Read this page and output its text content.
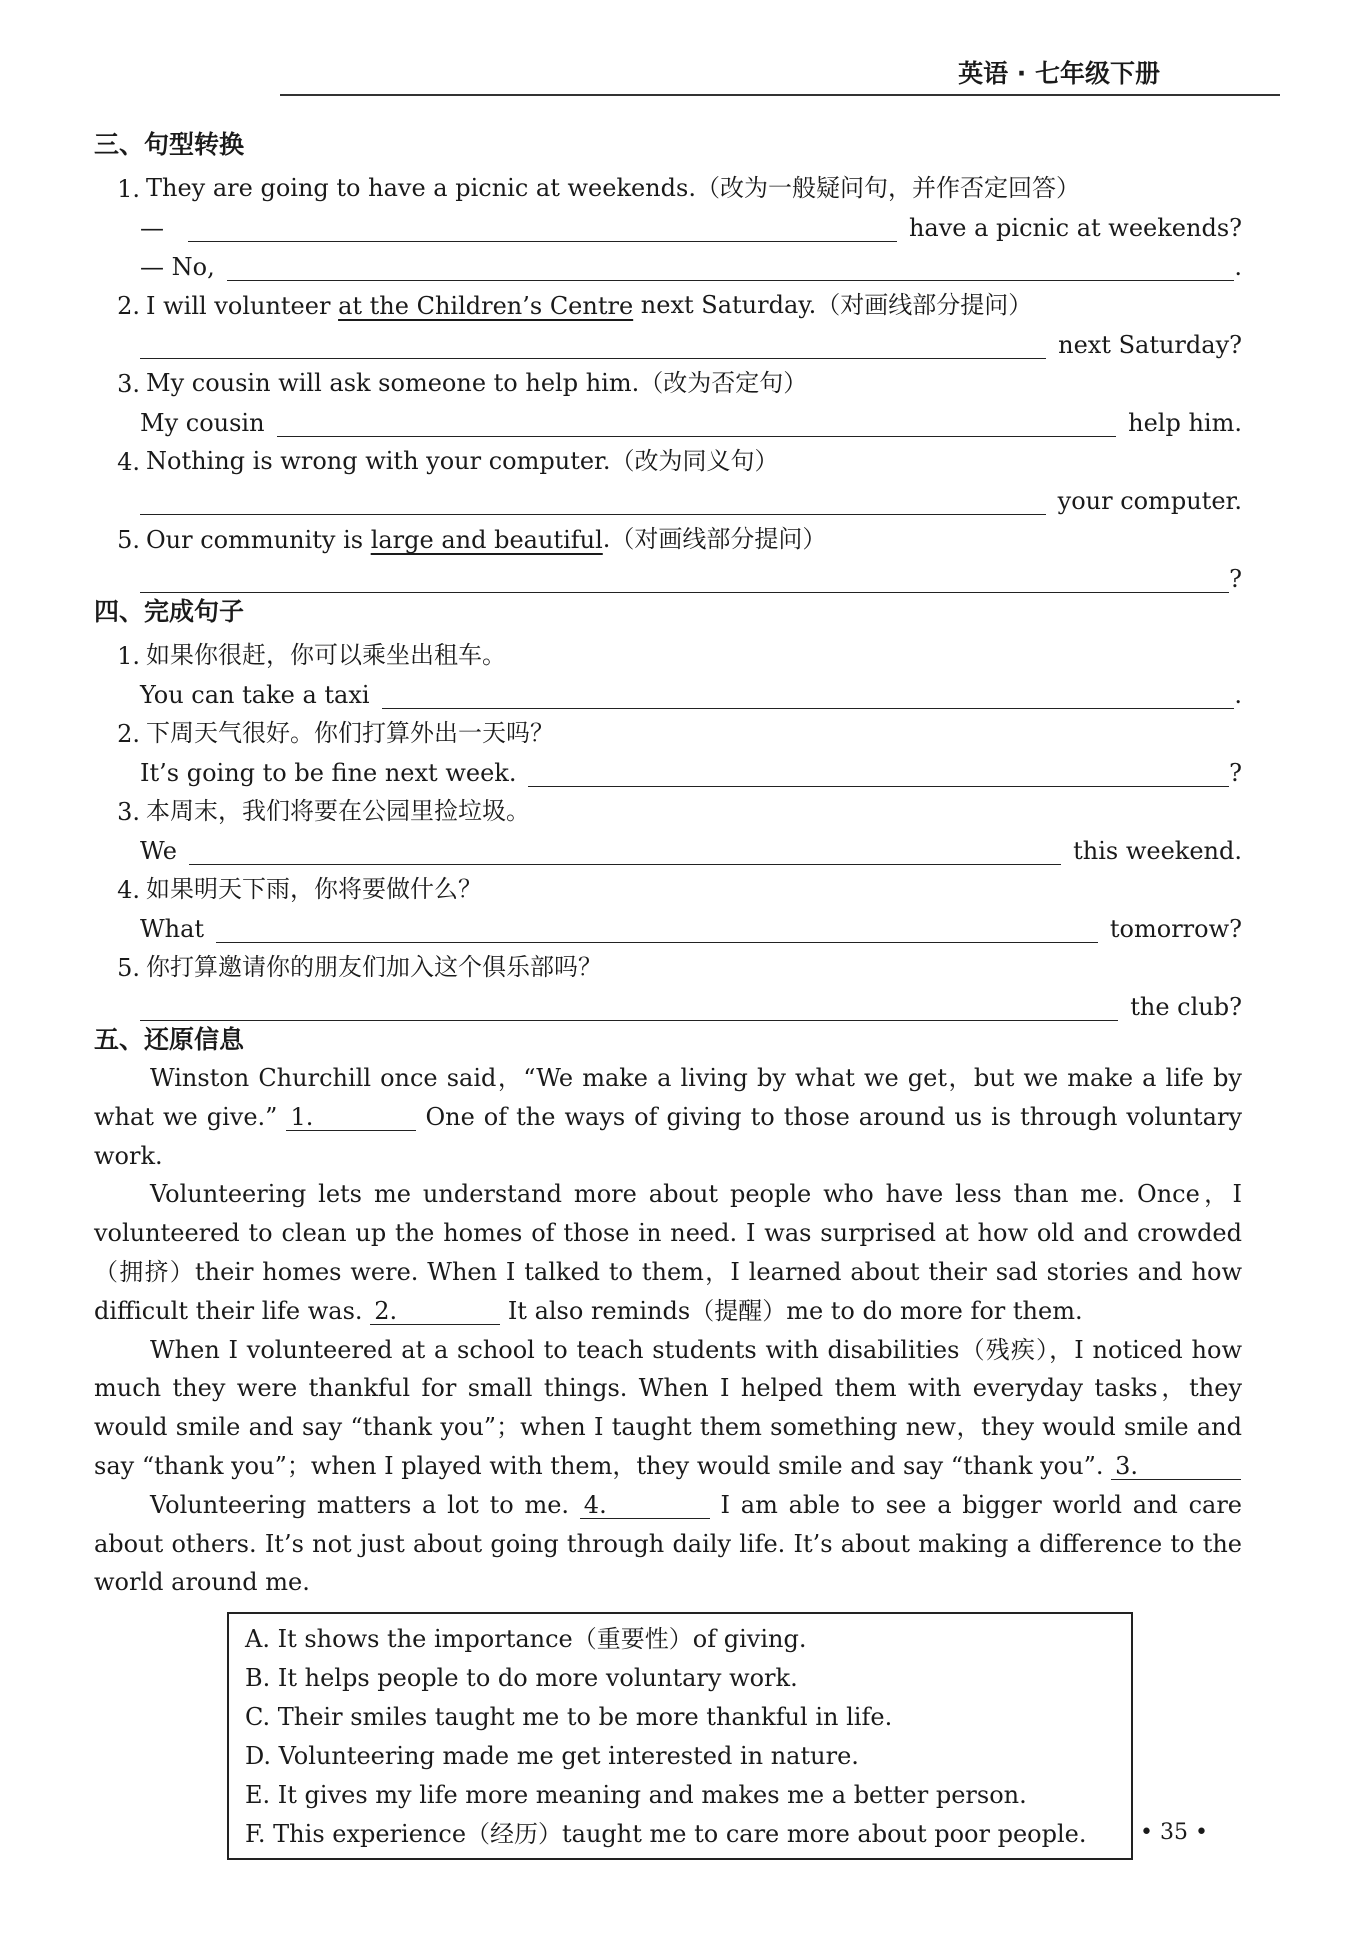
英语 · 七年级下册
三、句型转换
1. They are going to have a picnic at weekends.（改为一般疑问句，并作否定回答）
—	have a picnic at weekends?
— No,	.
2. I will volunteer at the Children’s Centre next Saturday.（对画线部分提问）
next Saturday?
3. My cousin will ask someone to help him.（改为否定句）
My cousin	help him.
4. Nothing is wrong with your computer.（改为同义句）
your computer.
5. Our community is large and beautiful .（对画线部分提问）
?
四、完成句子
1. 如果你很赶，你可以乘坐出租车。
You can take a taxi	.
2. 下周天气很好。你们打算外出一天吗？
It’s going to be fine next week.	?
3. 本周末，我们将要在公园里捡垃圾。
We	this weekend.
4. 如果明天下雨，你将要做什么？
What	tomorrow?
5. 你打算邀请你的朋友们加入这个俱乐部吗？
the club?
五、还原信息

Winston Churchill once said，“We make a living by what we get，but we make a life by what we give.” 1.	One of the ways of giving to those around us is through voluntary work.

Volunteering lets me understand more about people who have less than me. Once，I volunteered to clean up the homes of those in need. I was surprised at how old and crowded（拥挤）their homes were. When I talked to them，I learned about their sad stories and how difficult their life was. 2.	It also reminds（提醒）me to do more for them.

When I volunteered at a school to teach students with disabilities（残疾），I noticed how much they were thankful for small things. When I helped them with everyday tasks，they would smile and say “thank you”；when I taught them something new，they would smile and say “thank you”；when I played with them，they would smile and say “thank you”. 3.

Volunteering matters a lot to me. 4.	I am able to see a bigger world and care about others. It’s not just about going through daily life. It’s about making a difference to the world around me.

A. It shows the importance（重要性）of giving.
B. It helps people to do more voluntary work.
C. Their smiles taught me to be more thankful in life.
D. Volunteering made me get interested in nature.
E. It gives my life more meaning and makes me a better person.
F. This experience（经历）taught me to care more about poor people.	• 35 •
